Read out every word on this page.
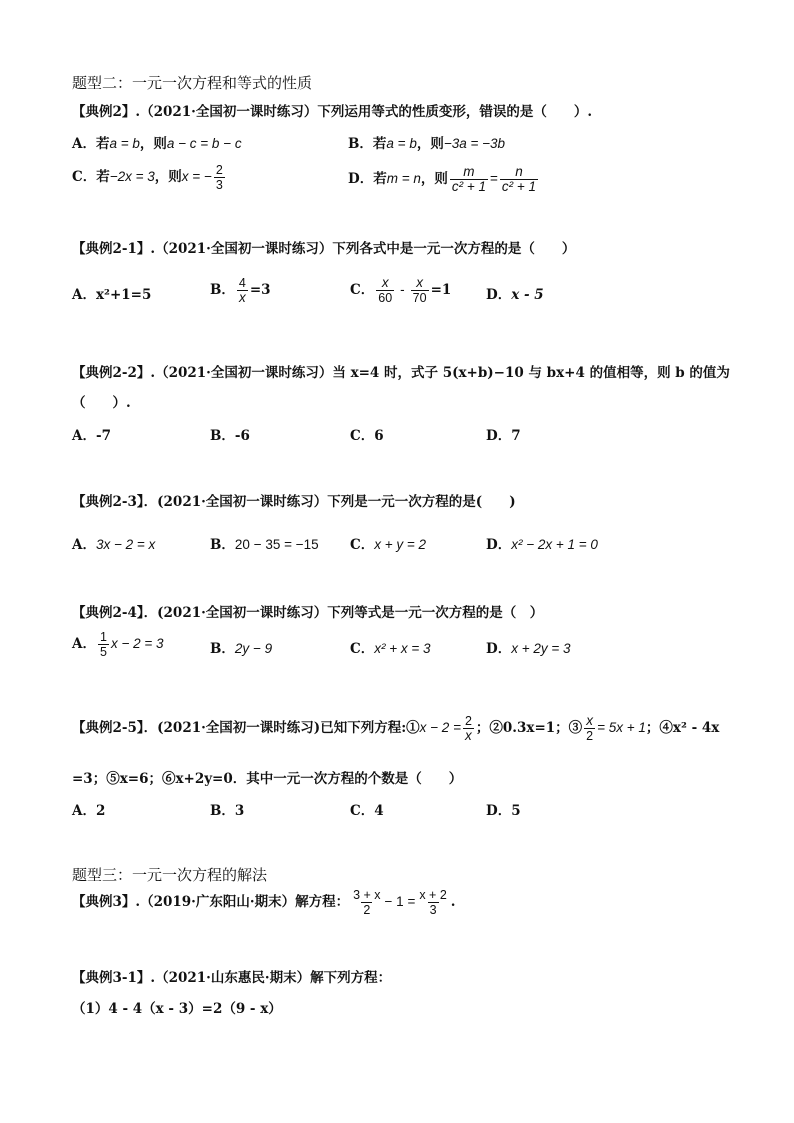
题型二：一元一次方程和等式的性质
【典例2】.（2021·全国初一课时练习）下列运用等式的性质变形，错误的是（　　）.
A．若a = b，则a − c = b − c	B．若a = b，则−3a = −3b
C．若−2x = 3，则x = − $\frac{2}{3}$	D．若m = n，则 $\frac{m}{\text{c² + 1}} = \frac{n}{\text{c² + 1}}$
【典例2-1】.（2021·全国初一课时练习）下列各式中是一元一次方程的是（　　）
A．x²+1=5	B． $\frac{4}{x} =3$	C． $\frac{x}{60} - \frac{x}{70} =1$	D．x - 5
【典例2-2】.（2021·全国初一课时练习）当 x=4 时，式子 5(x+b)−10 与 bx+4 的值相等，则 b 的值为
（　　）.
A．-7	B．-6	C．6	D．7
【典例2-3】．(2021·全国初一课时练习）下列是一元一次方程的是(　　)
A．3x − 2 = x	B．20 − 35 = −15 C．x + y = 2	D．x² − 2x + 1 = 0
【典例2-4】．(2021·全国初一课时练习）下列等式是一元一次方程的是（　）
A． $\frac{1}{5}$ x − 2 = 3	B．2y − 9	C．x² + x = 3	D．x + 2y = 3
【典例2-5】．(2021·全国初一课时练习)已知下列方程:①x − $2 = \frac{2}{x}$ ；②0.3x=1；③ $\frac{x}{2} = 5x + 1$；④x² - 4x
=3；⑤x=6；⑥x+2y=0．其中一元一次方程的个数是（　　）
A．2	B．3	C．4	D．5
题型三：一元一次方程的解法
【典例3】.（2019·广东阳山·期末）解方程： $\frac{3 + x}{2} - 1 = \frac{x + 2}{3}$ .
【典例3-1】.（2021·山东惠民·期末）解下列方程：
（1）4 - 4（x - 3）=2（9 - x）
